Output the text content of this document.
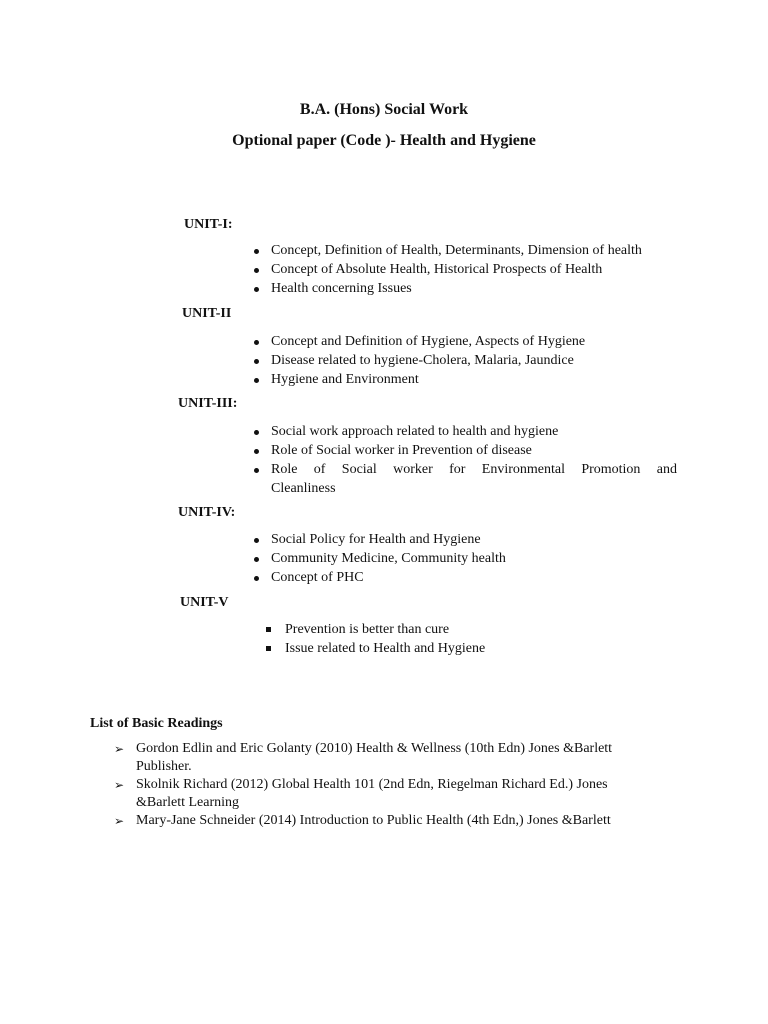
B.A. (Hons) Social Work
Optional paper (Code )- Health and Hygiene
UNIT-I:
Concept, Definition of Health, Determinants, Dimension of health
Concept of Absolute Health, Historical Prospects of Health
Health concerning Issues
UNIT-II
Concept and Definition of Hygiene, Aspects of Hygiene
Disease related to hygiene-Cholera, Malaria, Jaundice
Hygiene and Environment
UNIT-III:
Social work approach related to health and hygiene
Role of Social worker in Prevention of disease
Role of Social worker for Environmental Promotion and
Cleanliness
UNIT-IV:
Social Policy for Health and Hygiene
Community Medicine, Community health
Concept of PHC
UNIT-V
Prevention is better than cure
Issue related to Health and Hygiene
List of Basic Readings
➢ Gordon Edlin and Eric Golanty (2010) Health & Wellness (10th Edn) Jones &Barlett
Publisher.
➢ Skolnik Richard (2012) Global Health 101 (2nd Edn, Riegelman Richard Ed.) Jones
&Barlett Learning
➢ Mary-Jane Schneider (2014) Introduction to Public Health (4th Edn,) Jones &Barlett
